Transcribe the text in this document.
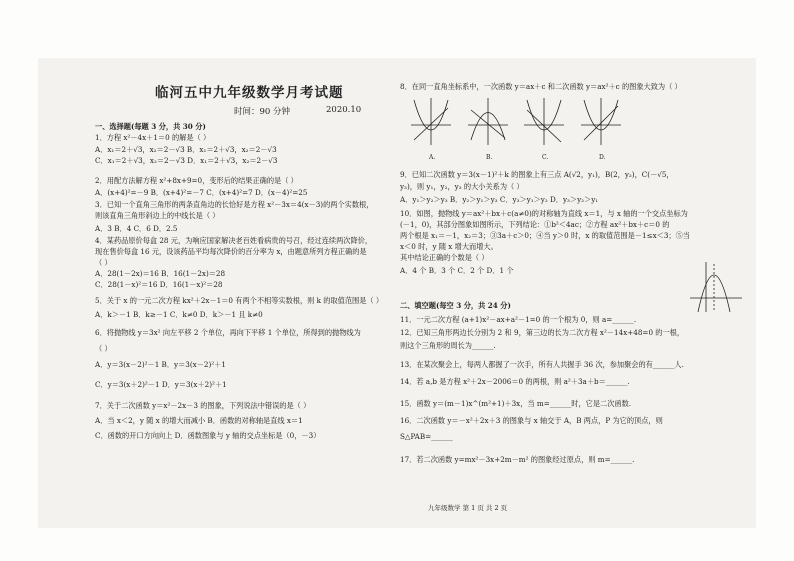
临河五中九年级数学月考试题
时间：90 分钟	2020.10
一、选择题(每题 3 分，共 30 分)
1．方程 x²－4x＋1＝0 的解是（ ）
A．x₁＝2＋√3，x₂＝2－√3 B．x₁＝2＋√3，x₂＝2－√3
C．x₁＝2＋√3，x₂＝2－√3 D．x₁＝2＋√3，x₂＝2－√3
2．用配方法解方程 x²+8x+9=0，变形后的结果正确的是（ ）
A．(x+4)²=－9 B．(x+4)²=－7 C．(x+4)²=7 D．(x－4)²=25
3．已知一个直角三角形的两条直角边的长恰好是方程 x²－3x＝4(x－3)的两个实数根，
则该直角三角形斜边上的中线长是（ ）
A．3 B．4 C．6 D．2.5
4．某药品原价每盒 28 元，为响应国家解决老百姓看病贵的号召，经过连续两次降价，
现在售价每盒 16 元，设该药品平均每次降价的百分率为 x，由题意所列方程正确的是
（ ）
A．28(1－2x)＝16 B．16(1－2x)＝28
C．28(1－x)²＝16 D．16(1－x)²＝28
5．关于 x 的一元二次方程 kx²＋2x－1＝0 有两个不相等实数根，则 k 的取值范围是（ ）
A．k＞－1 B．k≥－1 C．k≠0 D．k＞－1 且 k≠0
6．将抛物线 y＝3x² 向左平移 2 个单位，再向下平移 1 个单位，所得到的抛物线为
（ ）
A．y＝3(x－2)²－1 B．y＝3(x－2)²＋1
C．y＝3(x＋2)²－1 D．y＝3(x＋2)²＋1
7．关于二次函数 y＝x²－2x－3 的图象，下列说法中错误的是（ ）
A．当 x＜2，y 随 x 的增大而减小 B．函数的对称轴是直线 x＝1
C．函数的开口方向向上 D．函数图象与 y 轴的交点坐标是（0，－3）
8．在同一直角坐标系中，一次函数 y＝ax＋c 和二次函数 y＝ax²＋c 的图象大致为（ ）
A.	B.	C.	D.
9．已知二次函数 y＝3(x－1)²＋k 的图象上有三点 A(√2，y₁)，B(2，y₂)，C(－√5，
y₃)，则 y₁，y₂，y₃ 的大小关系为（ ）
A．y₁＞y₂＞y₃ B．y₂＞y₁＞y₃ C．y₃＞y₁＞y₂ D．y₃＞y₂＞y₁
10．如图，抛物线 y＝ax²＋bx＋c(a≠0)的对称轴为直线 x＝1，与 x 轴的一个交点坐标为
(－1，0)，其部分图象如图所示，下列结论：①b²＜4ac；②方程 ax²＋bx＋c＝0 的
两个根是 x₁＝－1，x₂＝3；③3a＋c＞0；④当 y＞0 时，x 的取值范围是－1≤x＜3；⑤当
x＜0 时，y 随 x 增大而增大。
其中结论正确的个数是（ ）
A．4 个 B．3 个 C．2 个 D．1 个
二、填空题(每空 3 分，共 24 分)
11．一元二次方程 (a+1)x²－ax+a²－1=0 的一个根为 0，则 a=______.
12．已知三角形两边长分别为 2 和 9，第三边的长为二次方程 x²－14x+48=0 的一根，
则这个三角形的周长为______.
13．在某次聚会上，每两人都握了一次手，所有人共握手 36 次，参加聚会的有______人.
14．若 a,b 是方程 x²＋2x－2006＝0 的两根，则 a²＋3a＋b＝______.
15．函数 y＝(m－1)x^(m²+1)＋3x，当 m=______时，它是二次函数.
16．二次函数 y＝－x²＋2x＋3 的图象与 x 轴交于 A，B 两点，P 为它的顶点，则
S△PAB=______
17．若二次函数 y=mx²－3x+2m－m² 的图象经过原点，则 m=______.
九年级数学 第 1 页 共 2 页
